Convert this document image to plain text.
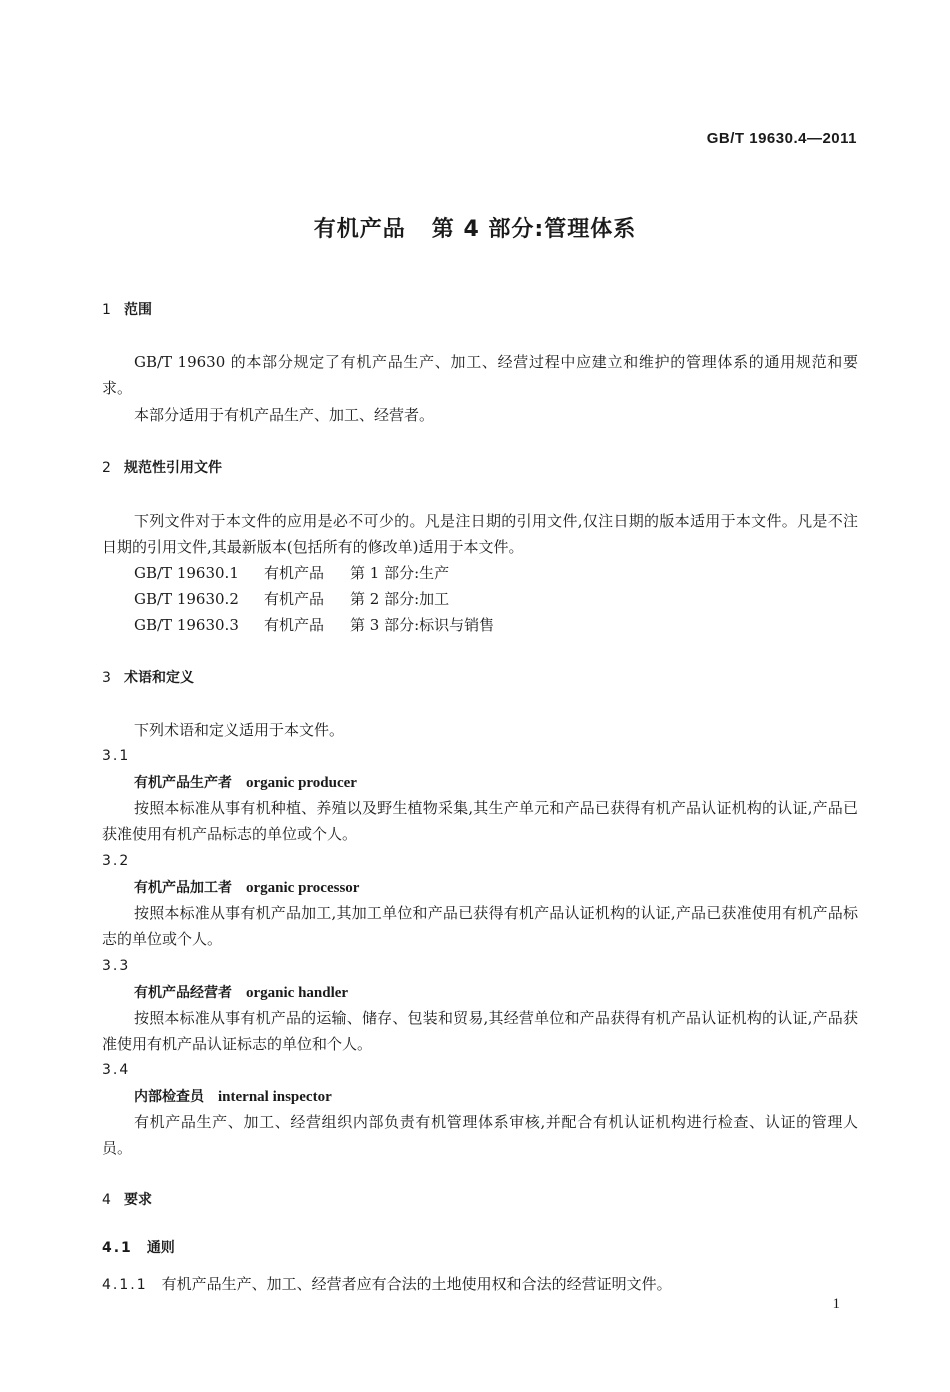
GB/T 19630.4—2011
有机产品 第 4 部分:管理体系
1 范围
GB/T 19630 的本部分规定了有机产品生产、加工、经营过程中应建立和维护的管理体系的通用规范和要求。
本部分适用于有机产品生产、加工、经营者。
2 规范性引用文件
下列文件对于本文件的应用是必不可少的。凡是注日期的引用文件,仅注日期的版本适用于本文件。凡是不注日期的引用文件,其最新版本(包括所有的修改单)适用于本文件。
GB/T 19630.1 有机产品 第 1 部分:生产
GB/T 19630.2 有机产品 第 2 部分:加工
GB/T 19630.3 有机产品 第 3 部分:标识与销售
3 术语和定义
下列术语和定义适用于本文件。
3.1
有机产品生产者 organic producer
按照本标准从事有机种植、养殖以及野生植物采集,其生产单元和产品已获得有机产品认证机构的认证,产品已获准使用有机产品标志的单位或个人。
3.2
有机产品加工者 organic processor
按照本标准从事有机产品加工,其加工单位和产品已获得有机产品认证机构的认证,产品已获准使用有机产品标志的单位或个人。
3.3
有机产品经营者 organic handler
按照本标准从事有机产品的运输、储存、包装和贸易,其经营单位和产品获得有机产品认证机构的认证,产品获准使用有机产品认证标志的单位和个人。
3.4
内部检查员 internal inspector
有机产品生产、加工、经营组织内部负责有机管理体系审核,并配合有机认证机构进行检查、认证的管理人员。
4 要求
4.1 通则
4.1.1 有机产品生产、加工、经营者应有合法的土地使用权和合法的经营证明文件。
1
